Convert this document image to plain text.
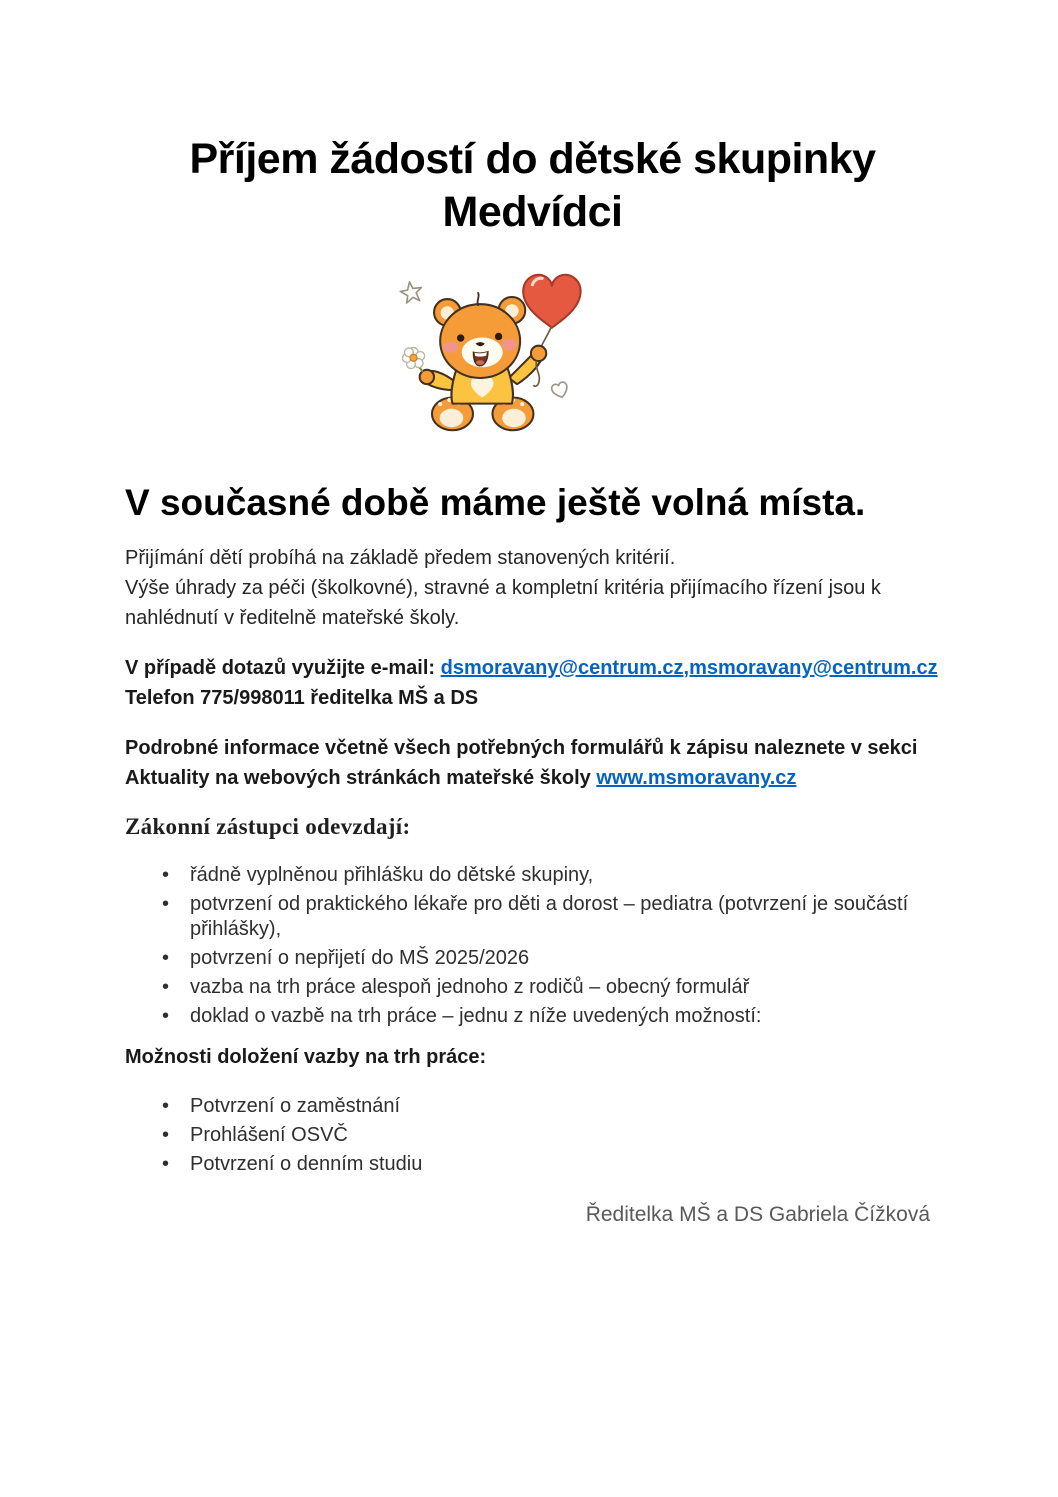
Příjem žádostí do dětské skupinky
Medvídci
V současné době máme ještě volná místa.

Přijímání dětí probíhá na základě předem stanovených kritérií.
Výše úhrady za péči (školkovné), stravné a kompletní kritéria přijímacího řízení jsou k
nahlédnutí v ředitelně mateřské školy.

V případě dotazů využijte e-mail: dsmoravany@centrum.cz,msmoravany@centrum.cz
Telefon 775/998011 ředitelka MŠ a DS

Podrobné informace včetně všech potřebných formulářů k zápisu naleznete v sekci
Aktuality na webových stránkách mateřské školy www.msmoravany.cz

Zákonní zástupci odevzdají:
• řádně vyplněnou přihlášku do dětské skupiny,
• potvrzení od praktického lékaře pro děti a dorost – pediatra (potvrzení je součástí přihlášky),
• potvrzení o nepřijetí do MŠ 2025/2026
• vazba na trh práce alespoň jednoho z rodičů – obecný formulář
• doklad o vazbě na trh práce – jednu z níže uvedených možností:
Možnosti doložení vazby na trh práce:
• Potvrzení o zaměstnání
• Prohlášení OSVČ
• Potvrzení o denním studiu

Ředitelka MŠ a DS Gabriela Čížková
